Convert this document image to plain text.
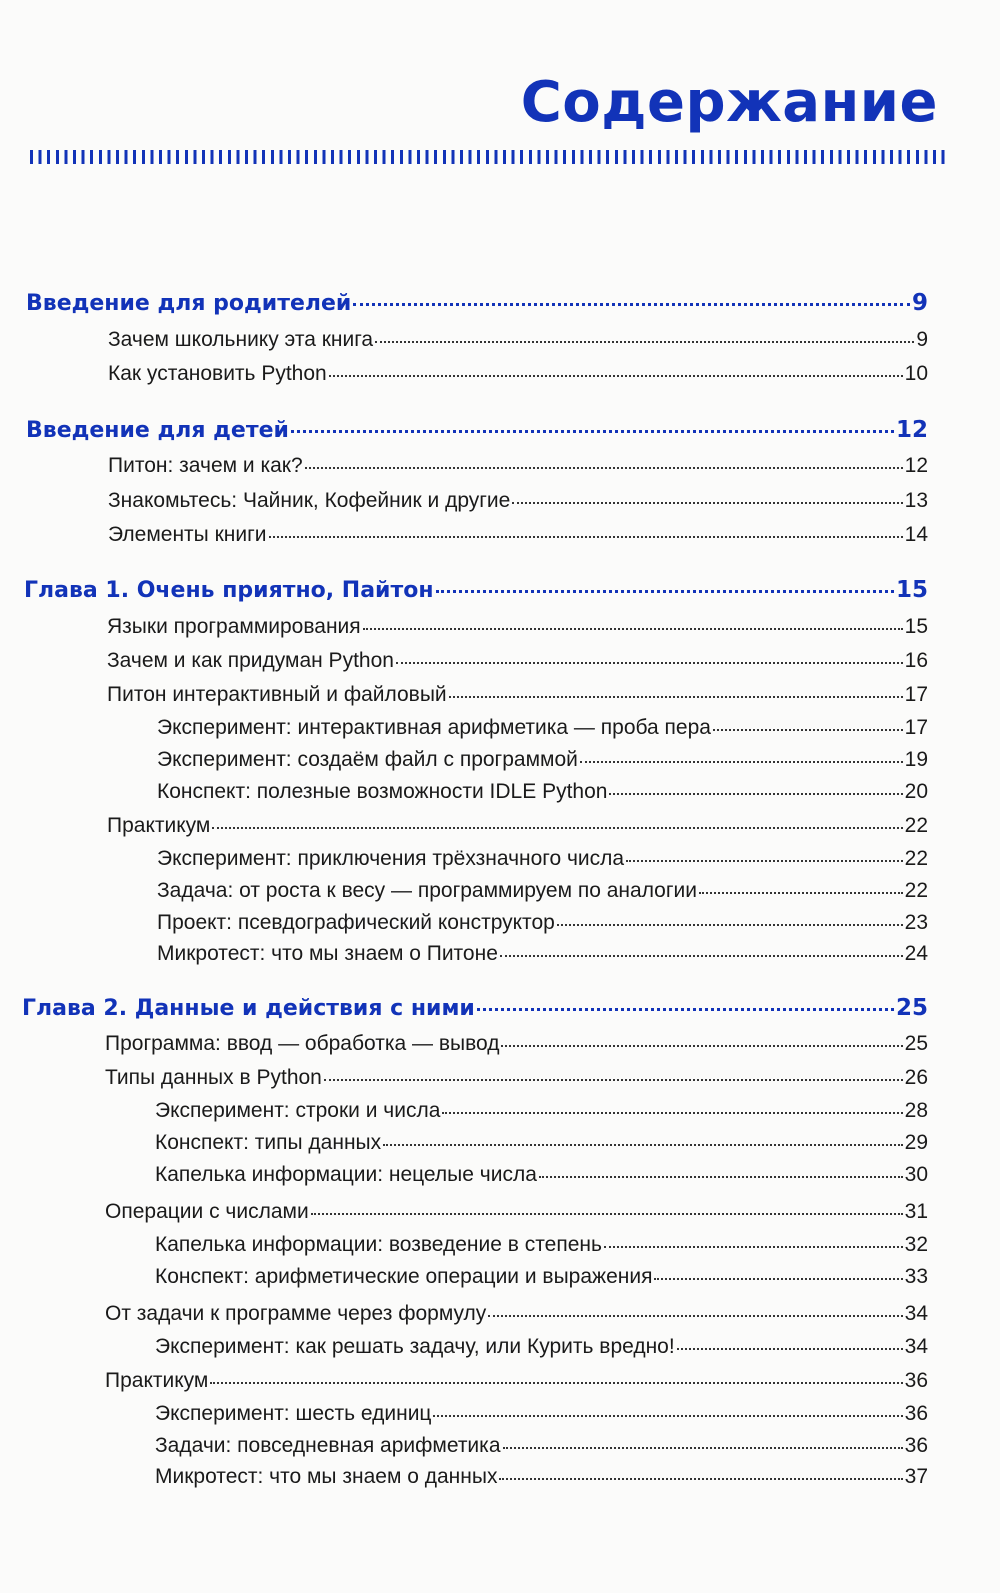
Содержание
Введение для родителей	9
Зачем школьнику эта книга	9
Как установить Python	10
Введение для детей	12
Питон: зачем и как?	12
Знакомьтесь: Чайник, Кофейник и другие	13
Элементы книги	14
Глава 1. Очень приятно, Пайтон	15
Языки программирования	15
Зачем и как придуман Python	16
Питон интерактивный и файловый	17
Эксперимент: интерактивная арифметика — проба пера	17
Эксперимент: создаём файл с программой	19
Конспект: полезные возможности IDLE Python	20
Практикум	22
Эксперимент: приключения трёхзначного числа	22
Задача: от роста к весу — программируем по аналогии	22
Проект: псевдографический конструктор	23
Микротест: что мы знаем о Питоне	24
Глава 2. Данные и действия с ними	25
Программа: ввод — обработка — вывод	25
Типы данных в Python	26
Эксперимент: строки и числа	28
Конспект: типы данных	29
Капелька информации: нецелые числа	30
Операции с числами	31
Капелька информации: возведение в степень	32
Конспект: арифметические операции и выражения	33
От задачи к программе через формулу	34
Эксперимент: как решать задачу, или Курить вредно!	34
Практикум	36
Эксперимент: шесть единиц	36
Задачи: повседневная арифметика	36
Микротест: что мы знаем о данных	37
